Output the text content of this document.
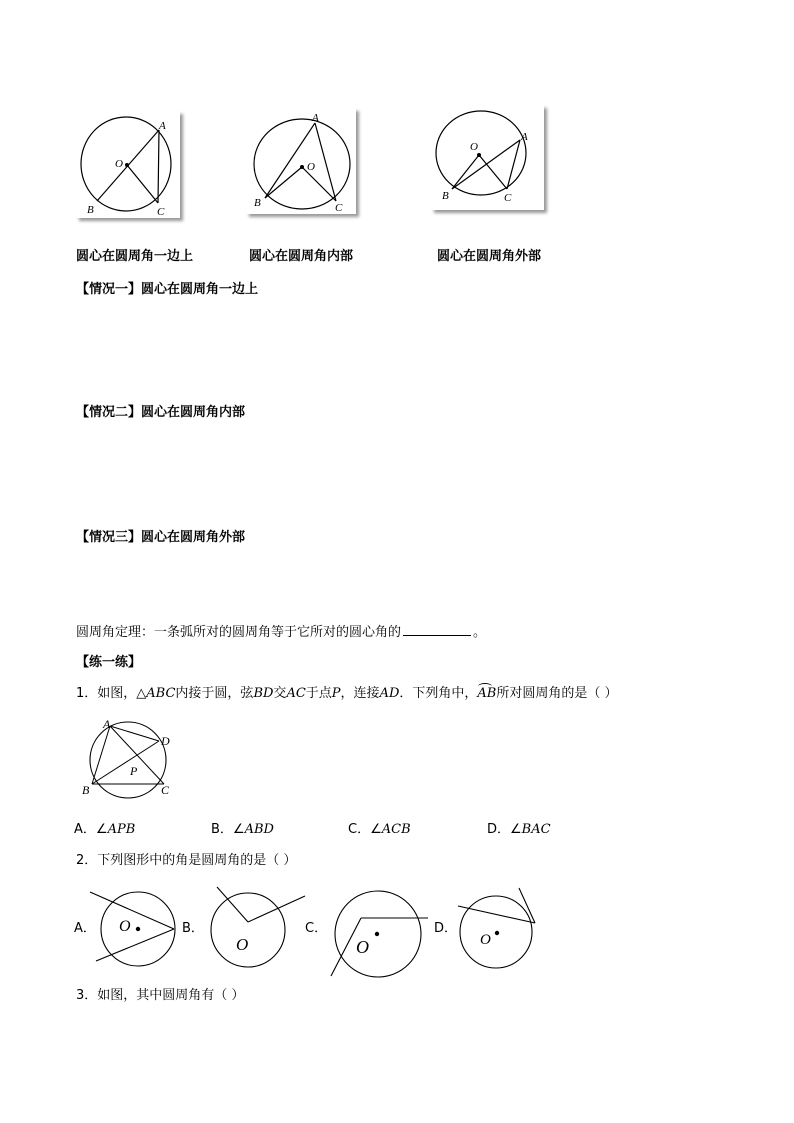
A
O
B	C
A
O
B	C
A
O
B	C
圆心在圆周角一边上	圆心在圆周角内部	圆心在圆周角外部
【情况一】圆心在圆周角一边上
【情况二】圆心在圆周角内部
【情况三】圆心在圆周角外部
圆周角定理：一条弧所对的圆周角等于它所对的圆心角的	。
【练一练】
1．如图，△ABC内接于圆，弦BD交AC于点P，连接AD．下列角中，AB
所对圆周角的是（ ）
A
D
P
B	C
A．∠APB	B．∠ABD	C．∠ACB	D．∠BAC
2．下列图形中的角是圆周角的是（ ）
A．	B．	C．	D．
O
O	O	O
3．如图，其中圆周角有（ ）
